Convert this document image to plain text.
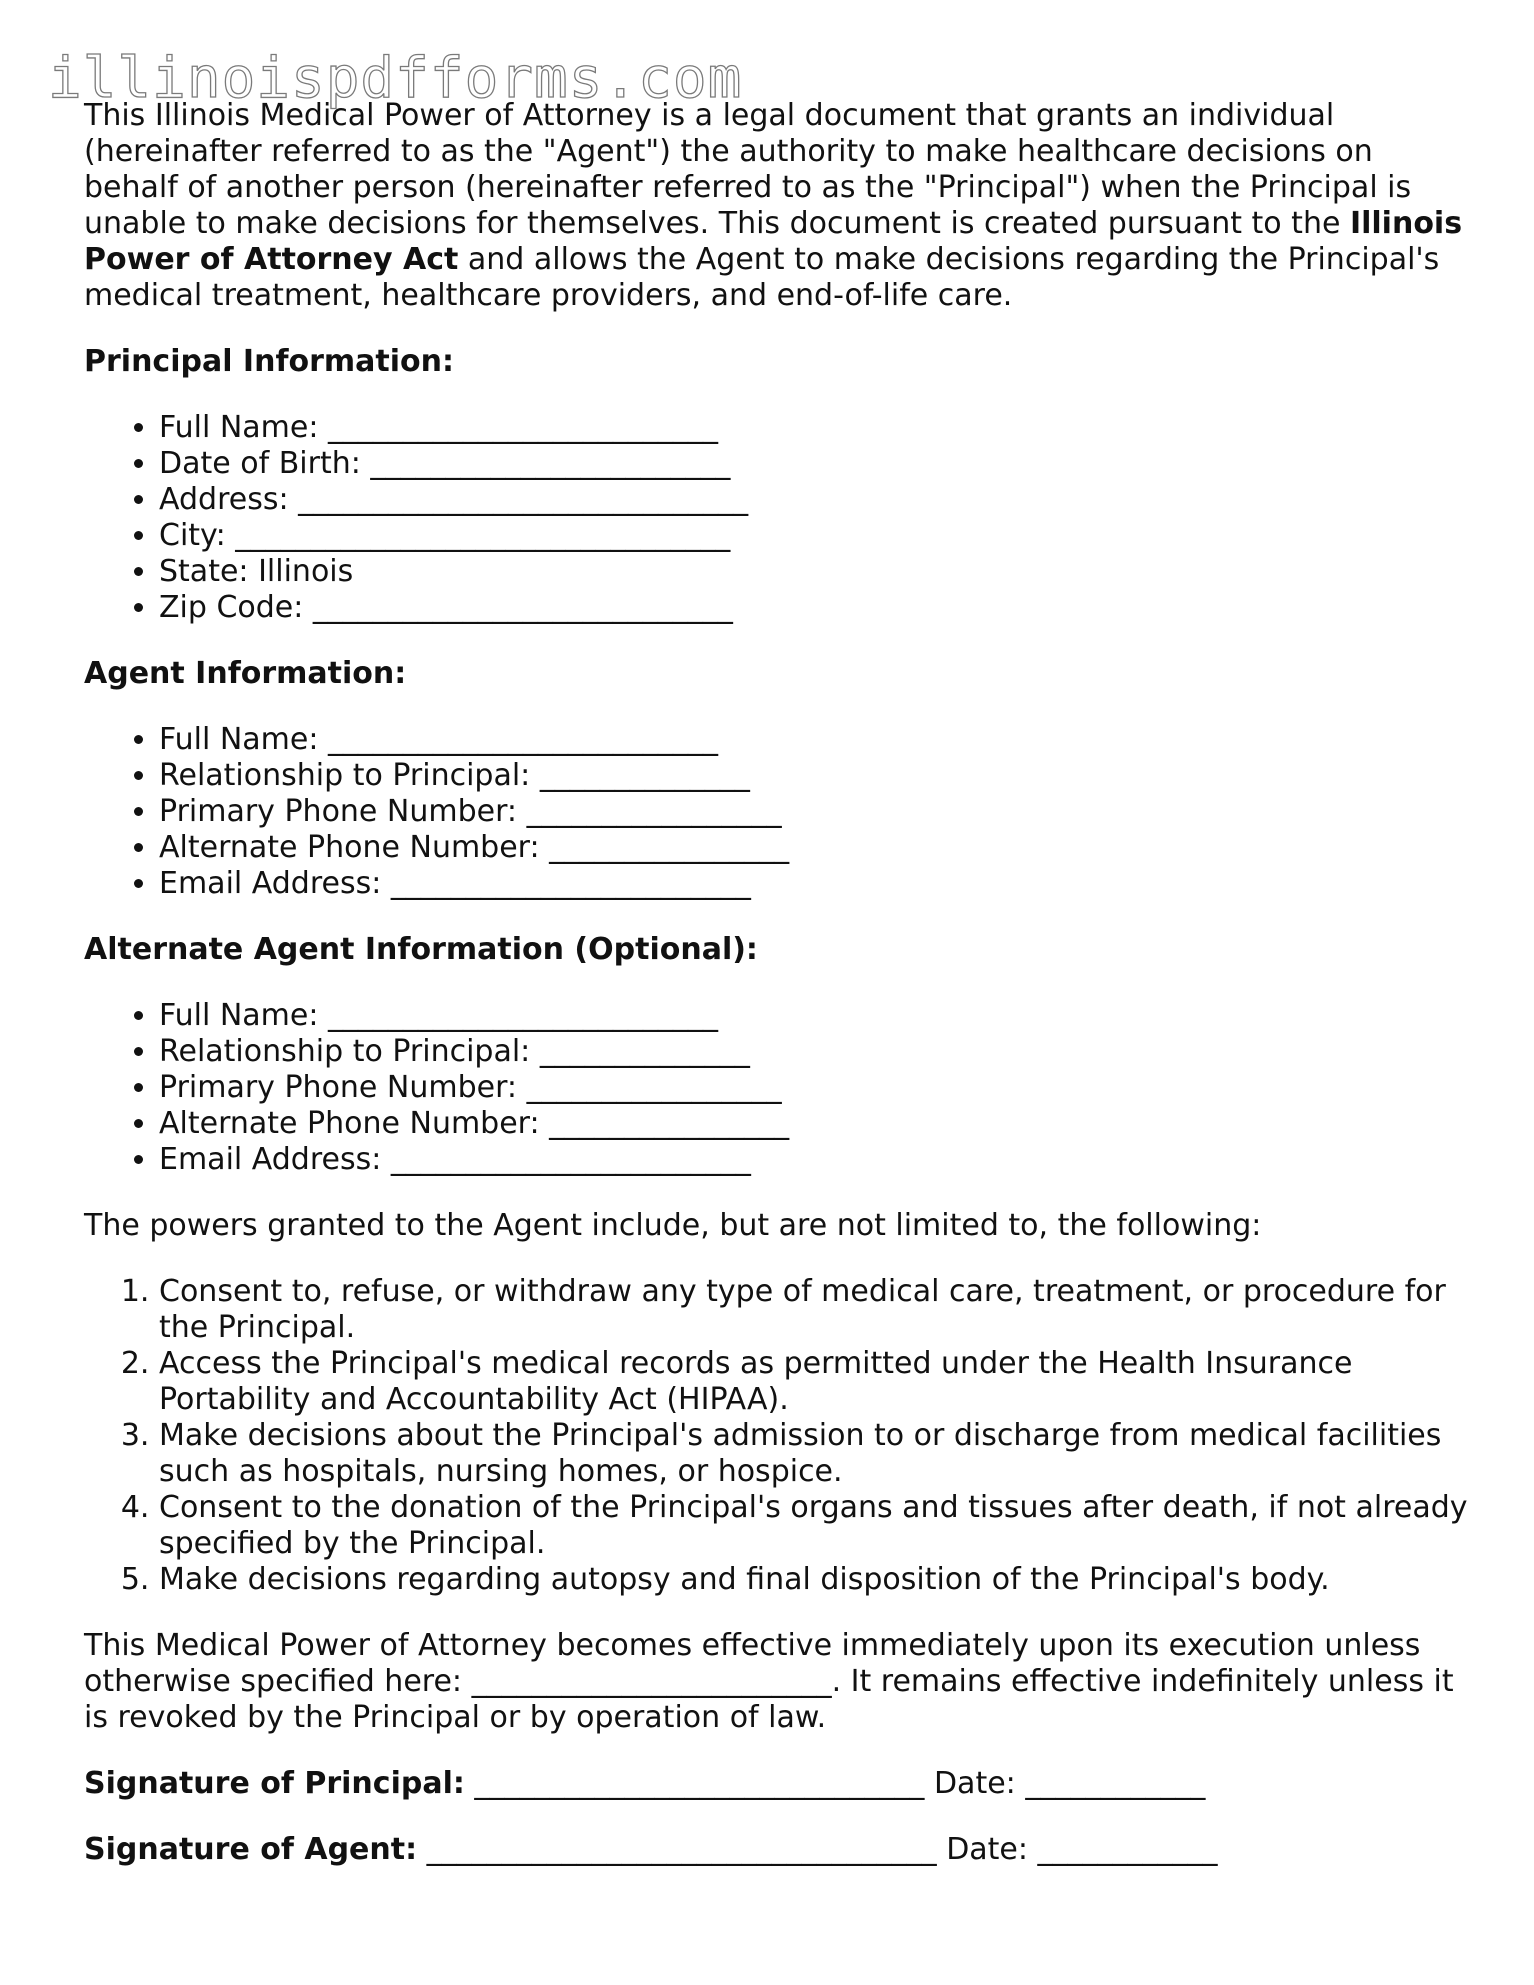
illinoispdfforms.com

This Illinois Medical Power of Attorney is a legal document that grants an individual (hereinafter referred to as the "Agent") the authority to make healthcare decisions on behalf of another person (hereinafter referred to as the "Principal") when the Principal is unable to make decisions for themselves. This document is created pursuant to the Illinois Power of Attorney Act and allows the Agent to make decisions regarding the Principal's medical treatment, healthcare providers, and end-of-life care.

Principal Information:

• Full Name: __________________________
• Date of Birth: ________________________
• Address: ______________________________
• City: _________________________________
• State: Illinois
• Zip Code: ____________________________

Agent Information:

• Full Name: __________________________
• Relationship to Principal: ______________
• Primary Phone Number: _________________
• Alternate Phone Number: ________________
• Email Address: ________________________

Alternate Agent Information (Optional):

• Full Name: __________________________
• Relationship to Principal: ______________
• Primary Phone Number: _________________
• Alternate Phone Number: ________________
• Email Address: ________________________

The powers granted to the Agent include, but are not limited to, the following:

1. Consent to, refuse, or withdraw any type of medical care, treatment, or procedure for the Principal.
2. Access the Principal's medical records as permitted under the Health Insurance Portability and Accountability Act (HIPAA).
3. Make decisions about the Principal's admission to or discharge from medical facilities such as hospitals, nursing homes, or hospice.
4. Consent to the donation of the Principal's organs and tissues after death, if not already specified by the Principal.
5. Make decisions regarding autopsy and final disposition of the Principal's body.

This Medical Power of Attorney becomes effective immediately upon its execution unless otherwise specified here: ________________________. It remains effective indefinitely unless it is revoked by the Principal or by operation of law.

Signature of Principal: ______________________________ Date: ____________

Signature of Agent: __________________________________ Date: ____________
